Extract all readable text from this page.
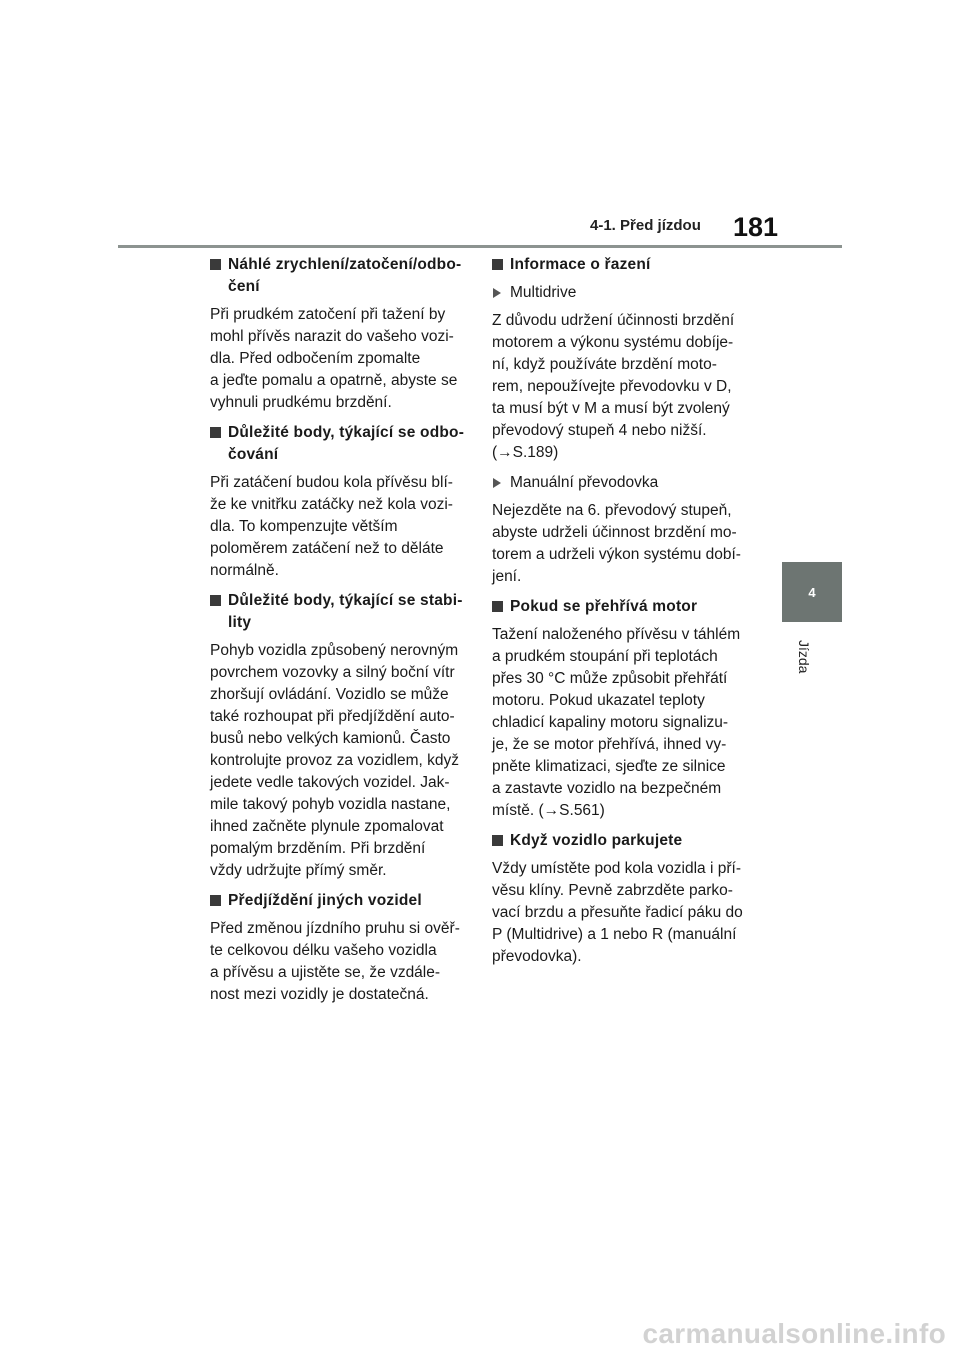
4-1. Před jízdou 181
4
Jízda
Náhlé zrychlení/zatočení/odbo-
čení
Při prudkém zatočení při tažení by
mohl přívěs narazit do vašeho vozi-
dla. Před odbočením zpomalte
a jeďte pomalu a opatrně, abyste se
vyhnuli prudkému brzdění.
Důležité body, týkající se odbo-
čování
Při zatáčení budou kola přívěsu blí-
že ke vnitřku zatáčky než kola vozi-
dla. To kompenzujte větším
poloměrem zatáčení než to děláte
normálně.
Důležité body, týkající se stabi-
lity
Pohyb vozidla způsobený nerovným
povrchem vozovky a silný boční vítr
zhoršují ovládání. Vozidlo se může
také rozhoupat při předjíždění auto-
busů nebo velkých kamionů. Často
kontrolujte provoz za vozidlem, když
jedete vedle takových vozidel. Jak-
mile takový pohyb vozidla nastane,
ihned začněte plynule zpomalovat
pomalým brzděním. Při brzdění
vždy udržujte přímý směr.
Předjíždění jiných vozidel
Před změnou jízdního pruhu si ověř-
te celkovou délku vašeho vozidla
a přívěsu a ujistěte se, že vzdále-
nost mezi vozidly je dostatečná.
Informace o řazení
Multidrive
Z důvodu udržení účinnosti brzdění
motorem a výkonu systému dobíje-
ní, když používáte brzdění moto-
rem, nepoužívejte převodovku v D,
ta musí být v M a musí být zvolený
převodový stupeň 4 nebo nižší.
(→S.189)
Manuální převodovka
Nejezděte na 6. převodový stupeň,
abyste udrželi účinnost brzdění mo-
torem a udrželi výkon systému dobí-
jení.
Pokud se přehřívá motor
Tažení naloženého přívěsu v táhlém
a prudkém stoupání při teplotách
přes 30 °C může způsobit přehřátí
motoru. Pokud ukazatel teploty
chladicí kapaliny motoru signalizu-
je, že se motor přehřívá, ihned vy-
pněte klimatizaci, sjeďte ze silnice
a zastavte vozidlo na bezpečném
místě. (→S.561)
Když vozidlo parkujete
Vždy umístěte pod kola vozidla i pří-
věsu klíny. Pevně zabrzděte parko-
vací brzdu a přesuňte řadicí páku do
P (Multidrive) a 1 nebo R (manuální
převodovka).
carmanualsonline.info
